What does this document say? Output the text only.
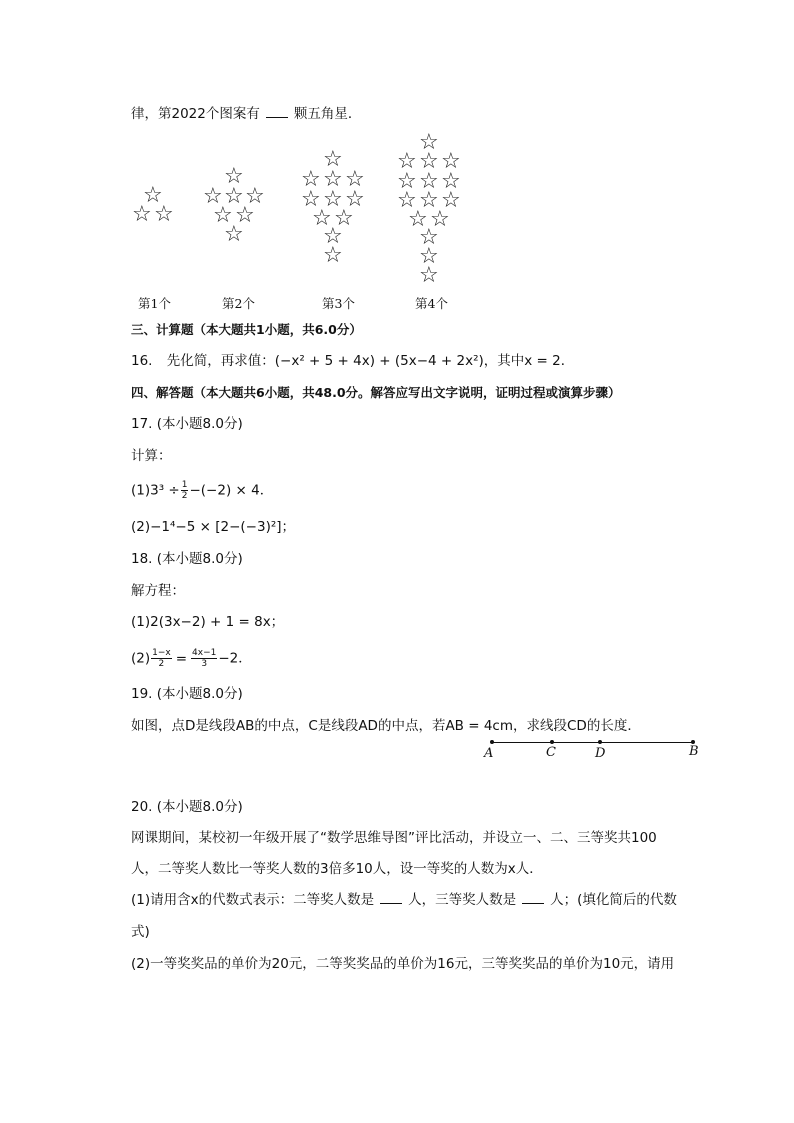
律，第2022个图案有	颗五角星．
☆
☆ ☆
☆
☆ ☆ ☆
☆ ☆
☆
☆
☆ ☆ ☆
☆ ☆ ☆
☆ ☆
☆
☆
☆
☆ ☆ ☆
☆ ☆ ☆
☆ ☆ ☆
☆ ☆
☆
☆
☆
第1个	第2个	第3个	第4个
三、计算题（本大题共1小题，共6.0分）
16. 先化简，再求值：(−x² + 5 + 4x) + (5x−4 + 2x²)，其中x = 2．
四、解答题（本大题共6小题，共48.0分。解答应写出文字说明，证明过程或演算步骤）
17. (本小题8.0分)
计算：
$(1)3^3 \div \frac{1}{2} -(-2) \times 4$．
(2)−1⁴−5 × [2−(−3)²]；
18. (本小题8.0分)
解方程：
(1)2(3x−2) + 1 = 8x；
$(2) \frac{1-x}{2} = \frac{4x-1}{3} -2$．
19. (本小题8.0分)
如图，点D是线段AB的中点，C是线段AD的中点，若AB = 4cm，求线段CD的长度．
A	C	D	B
20. (本小题8.0分)
网课期间，某校初一年级开展了“数学思维导图”评比活动，并设立一、二、三等奖共100
人，二等奖人数比一等奖人数的3倍多10人，设一等奖的人数为x人．
(1)请用含x的代数式表示：二等奖人数是	人，三等奖人数是	人；(填化简后的代数
式)
(2)一等奖奖品的单价为20元，二等奖奖品的单价为16元，三等奖奖品的单价为10元，请用
